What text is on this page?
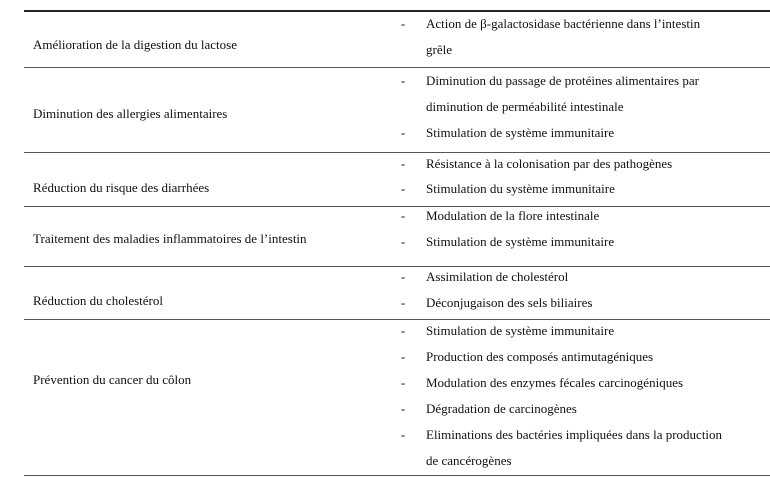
Amélioration de la digestion du lactose
- Action de β-galactosidase bactérienne dans l’intestin
grêle
Diminution des allergies alimentaires
- Diminution du passage de protéines alimentaires par
diminution de perméabilité intestinale
- Stimulation de système immunitaire
Réduction du risque des diarrhées
- Résistance à la colonisation par des pathogènes
- Stimulation du système immunitaire
Traitement des maladies inflammatoires de l’intestin
- Modulation de la flore intestinale
- Stimulation de système immunitaire
Réduction du cholestérol
- Assimilation de cholestérol
- Déconjugaison des sels biliaires
Prévention du cancer du côlon
- Stimulation de système immunitaire
- Production des composés antimutagéniques
- Modulation des enzymes fécales carcinogéniques
- Dégradation de carcinogènes
- Eliminations des bactéries impliquées dans la production
de cancérogènes
